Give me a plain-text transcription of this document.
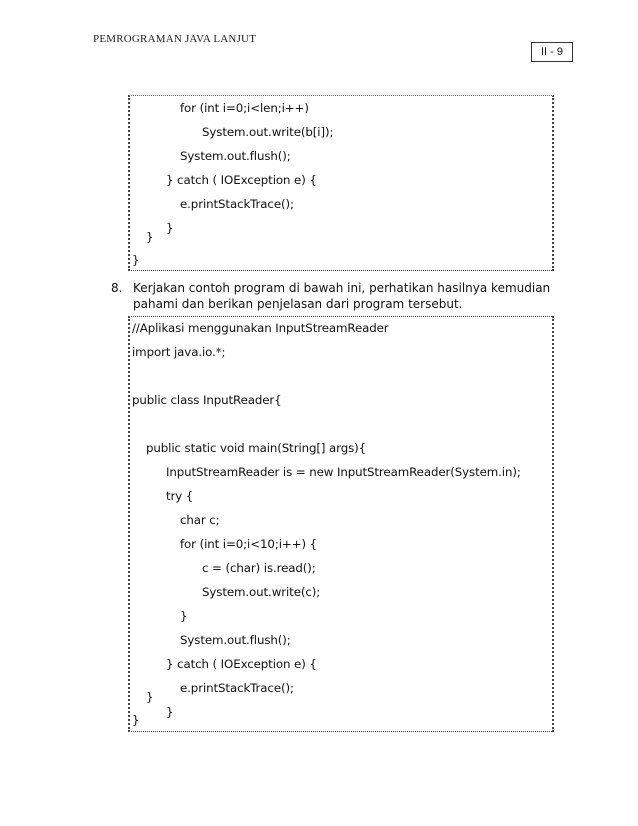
PEMROGRAMAN JAVA LANJUT
II - 9
for (int i=0;i<len;i++)
System.out.write(b[i]);
System.out.flush();
} catch ( IOException e) {
e.printStackTrace();
}
}
}
8. Kerjakan contoh program di bawah ini, perhatikan hasilnya kemudian
pahami dan berikan penjelasan dari program tersebut.
//Aplikasi menggunakan InputStreamReader
import java.io.*;
public class InputReader{
public static void main(String[] args){
InputStreamReader is = new InputStreamReader(System.in);
try {
char c;
for (int i=0;i<10;i++) {
c = (char) is.read();
System.out.write(c);
}
System.out.flush();
} catch ( IOException e) {
e.printStackTrace();
}
}
}
